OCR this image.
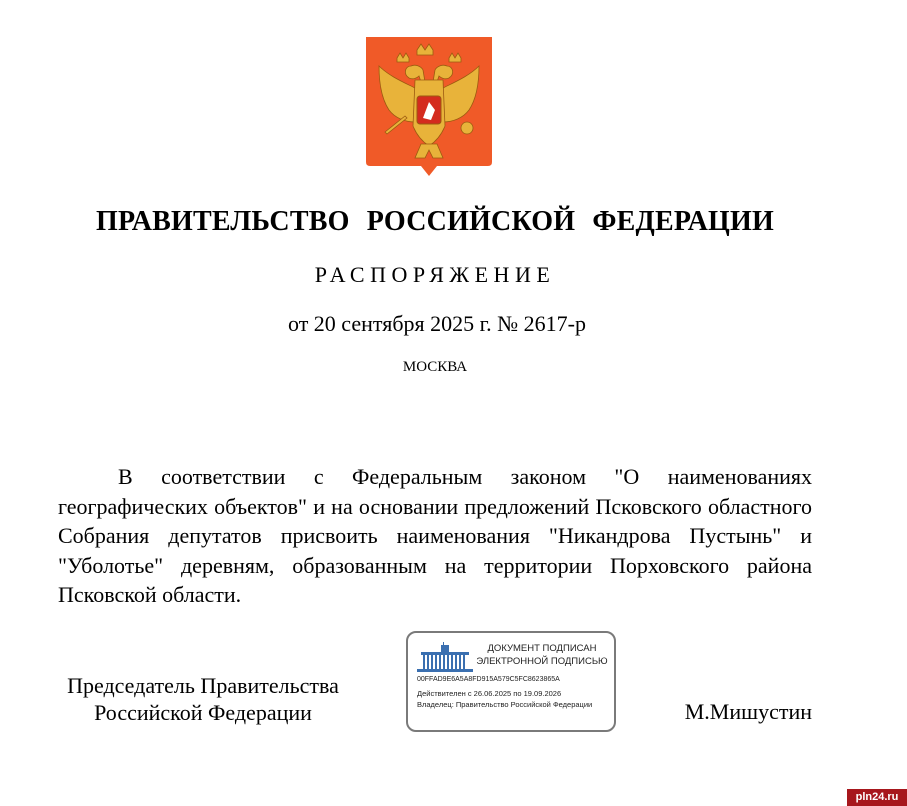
ПРАВИТЕЛЬСТВО РОССИЙСКОЙ ФЕДЕРАЦИИ
РАСПОРЯЖЕНИЕ
от 20 сентября 2025 г. № 2617-р
МОСКВА

В соответствии с Федеральным законом "О наименованиях географических объектов" и на основании предложений Псковского областного Собрания депутатов присвоить наименования "Никандрова Пустынь" и "Уболотье" деревням, образованным на территории Порховского района Псковской области.

Председатель Правительства
Российской Федерации
ДОКУМЕНТ ПОДПИСАН
ЭЛЕКТРОННОЙ ПОДПИСЬЮ
00FFAD9E6A5A8FD915A579C5FC8623865A
Действителен с 26.06.2025 по 19.09.2026
Владелец: Правительство Российской Федерации	М.Мишустин
pln24.ru
